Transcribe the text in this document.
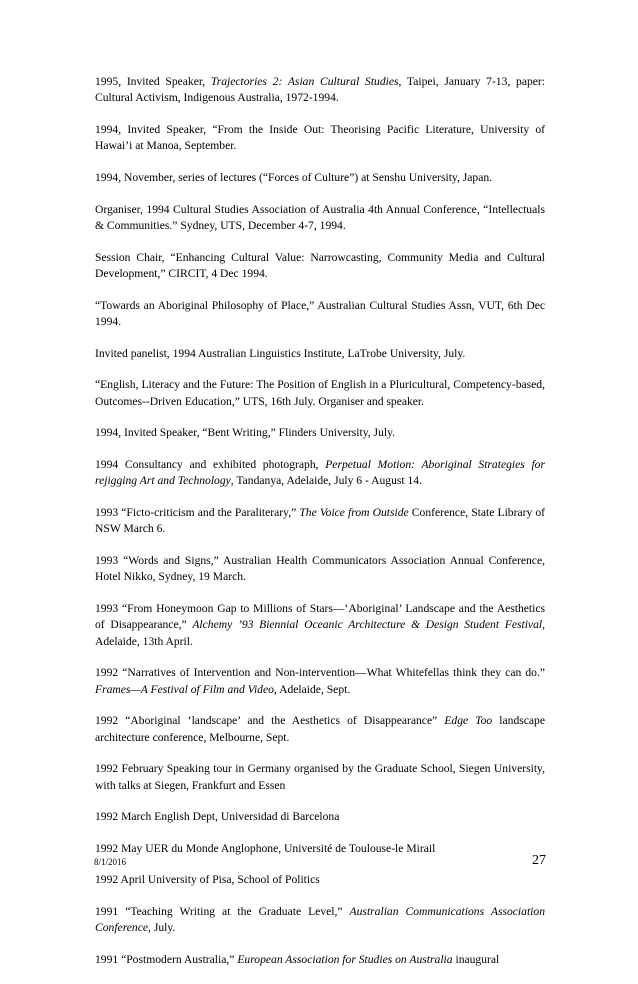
1995, Invited Speaker, Trajectories 2: Asian Cultural Studies, Taipei, January 7-13, paper: Cultural Activism, Indigenous Australia, 1972-1994.

1994, Invited Speaker, “From the Inside Out: Theorising Pacific Literature, University of Hawai’i at Manoa, September.

1994, November, series of lectures (“Forces of Culture”) at Senshu University, Japan.

Organiser, 1994 Cultural Studies Association of Australia 4th Annual Conference, “Intellectuals & Communities.” Sydney, UTS, December 4-7, 1994.

Session Chair, “Enhancing Cultural Value: Narrowcasting, Community Media and Cultural Development,” CIRCIT, 4 Dec 1994.

“Towards an Aboriginal Philosophy of Place,” Australian Cultural Studies Assn, VUT, 6th Dec 1994.

Invited panelist, 1994 Australian Linguistics Institute, LaTrobe University, July.

“English, Literacy and the Future: The Position of English in a Pluricultural, Competency-based, Outcomes--Driven Education,” UTS, 16th July. Organiser and speaker.

1994, Invited Speaker, “Bent Writing,” Flinders University, July.

1994 Consultancy and exhibited photograph, Perpetual Motion: Aboriginal Strategies for rejigging Art and Technology, Tandanya, Adelaide, July 6 - August 14.

1993 “Ficto-criticism and the Paraliterary,” The Voice from Outside Conference, State Library of NSW March 6.

1993 “Words and Signs,” Australian Health Communicators Association Annual Conference, Hotel Nikko, Sydney, 19 March.

1993 “From Honeymoon Gap to Millions of Stars—‘Aboriginal’ Landscape and the Aesthetics of Disappearance,” Alchemy ’93 Biennial Oceanic Architecture & Design Student Festival, Adelaide, 13th April.

1992 “Narratives of Intervention and Non-intervention—What Whitefellas think they can do.” Frames—A Festival of Film and Video, Adelaide, Sept.

1992 “Aboriginal ‘landscape’ and the Aesthetics of Disappearance” Edge Too landscape architecture conference, Melbourne, Sept.

1992 February Speaking tour in Germany organised by the Graduate School, Siegen University, with talks at Siegen, Frankfurt and Essen

1992 March English Dept, Universidad di Barcelona

1992 May UER du Monde Anglophone, Université de Toulouse-le Mirail

1992 April University of Pisa, School of Politics

1991 “Teaching Writing at the Graduate Level,” Australian Communications Association Conference, July.

1991 “Postmodern Australia,” European Association for Studies on Australia inaugural

8/1/2016	27
